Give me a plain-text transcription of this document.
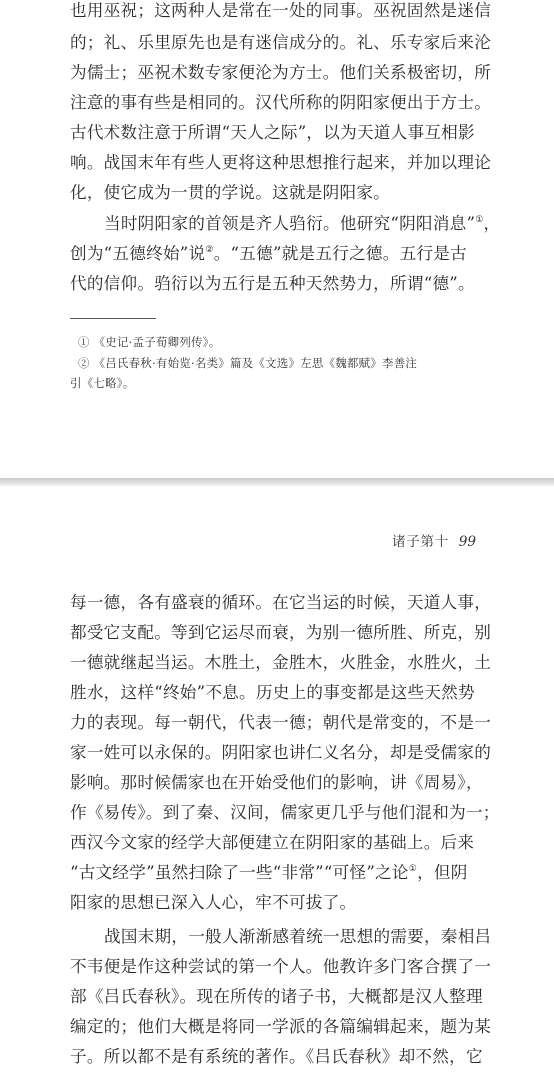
也用巫祝；这两种人是常在一处的同事。巫祝固然是迷信
的；礼、乐里原先也是有迷信成分的。礼、乐专家后来沦
为儒士；巫祝术数专家便沦为方士。他们关系极密切，所
注意的事有些是相同的。汉代所称的阴阳家便出于方士。
古代术数注意于所谓“天人之际”，以为天道人事互相影
响。战国末年有些人更将这种思想推行起来，并加以理论
化，使它成为一贯的学说。这就是阴阳家。
当时阴阳家的首领是齐人驺衍。他研究“阴阳消息”①，
创为“五德终始”说②。“五德”就是五行之德。五行是古
代的信仰。驺衍以为五行是五种天然势力，所谓“德”。
① 《史记·孟子荀卿列传》。
② 《吕氏春秋·有始览·名类》篇及《文选》左思《魏都赋》李善注
引《七略》。
诸子第十 99
每一德，各有盛衰的循环。在它当运的时候，天道人事，
都受它支配。等到它运尽而衰，为别一德所胜、所克，别
一德就继起当运。木胜土，金胜木，火胜金，水胜火，土
胜水，这样“终始”不息。历史上的事变都是这些天然势
力的表现。每一朝代，代表一德；朝代是常变的，不是一
家一姓可以永保的。阴阳家也讲仁义名分，却是受儒家的
影响。那时候儒家也在开始受他们的影响，讲《周易》，
作《易传》。到了秦、汉间，儒家更几乎与他们混和为一；
西汉今文家的经学大部便建立在阴阳家的基础上。后来
“古文经学”虽然扫除了一些“非常”“可怪”之论①，但阴
阳家的思想已深入人心，牢不可拔了。
战国末期，一般人渐渐感着统一思想的需要，秦相吕
不韦便是作这种尝试的第一个人。他教许多门客合撰了一
部《吕氏春秋》。现在所传的诸子书，大概都是汉人整理
编定的；他们大概是将同一学派的各篇编辑起来，题为某
子。所以都不是有系统的著作。《吕氏春秋》却不然，它
